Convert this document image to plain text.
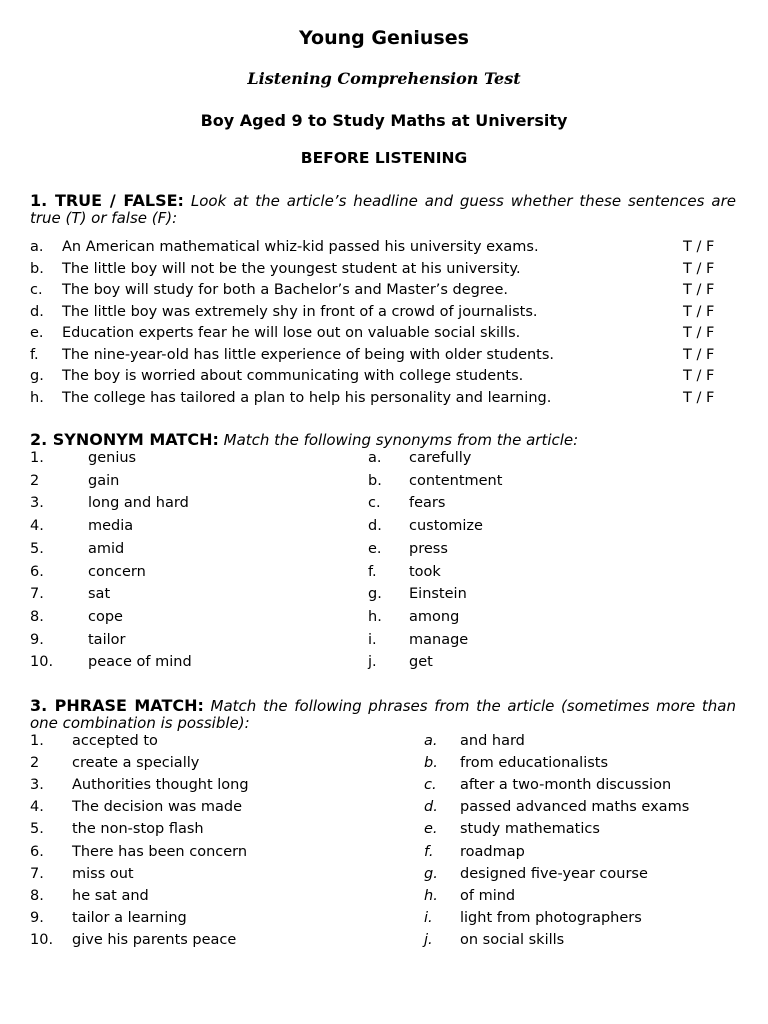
Young Geniuses
Listening Comprehension Test
Boy Aged 9 to Study Maths at University
BEFORE LISTENING
1. TRUE / FALSE: Look at the article’s headline and guess whether these sentences are true (T) or false (F):
a. An American mathematical whiz-kid passed his university exams.	T / F
b. The little boy will not be the youngest student at his university.	T / F
c. The boy will study for both a Bachelor’s and Master’s degree.	T / F
d. The little boy was extremely shy in front of a crowd of journalists.	T / F
e. Education experts fear he will lose out on valuable social skills.	T / F
f. The nine-year-old has little experience of being with older students.	T / F
g. The boy is worried about communicating with college students.	T / F
h. The college has tailored a plan to help his personality and learning.	T / F
2. SYNONYM MATCH: Match the following synonyms from the article:
1.	genius	a. carefully
2	gain	b. contentment
3.	long and hard	c. fears
4.	media	d. customize
5.	amid	e. press
6.	concern	f. took
7.	sat	g. Einstein
8.	cope	h. among
9.	tailor	i. manage
10. peace of mind	j. get
3. PHRASE MATCH: Match the following phrases from the article (sometimes more than one combination is possible):
1. accepted to	a. and hard
2 create a specially	b. from educationalists
3. Authorities thought long	c. after a two-month discussion
4. The decision was made	d. passed advanced maths exams
5. the non-stop flash	e. study mathematics
6. There has been concern	f. roadmap
7. miss out	g. designed five-year course
8. he sat and	h. of mind
9. tailor a learning	i. light from photographers
10. give his parents peace	j. on social skills
